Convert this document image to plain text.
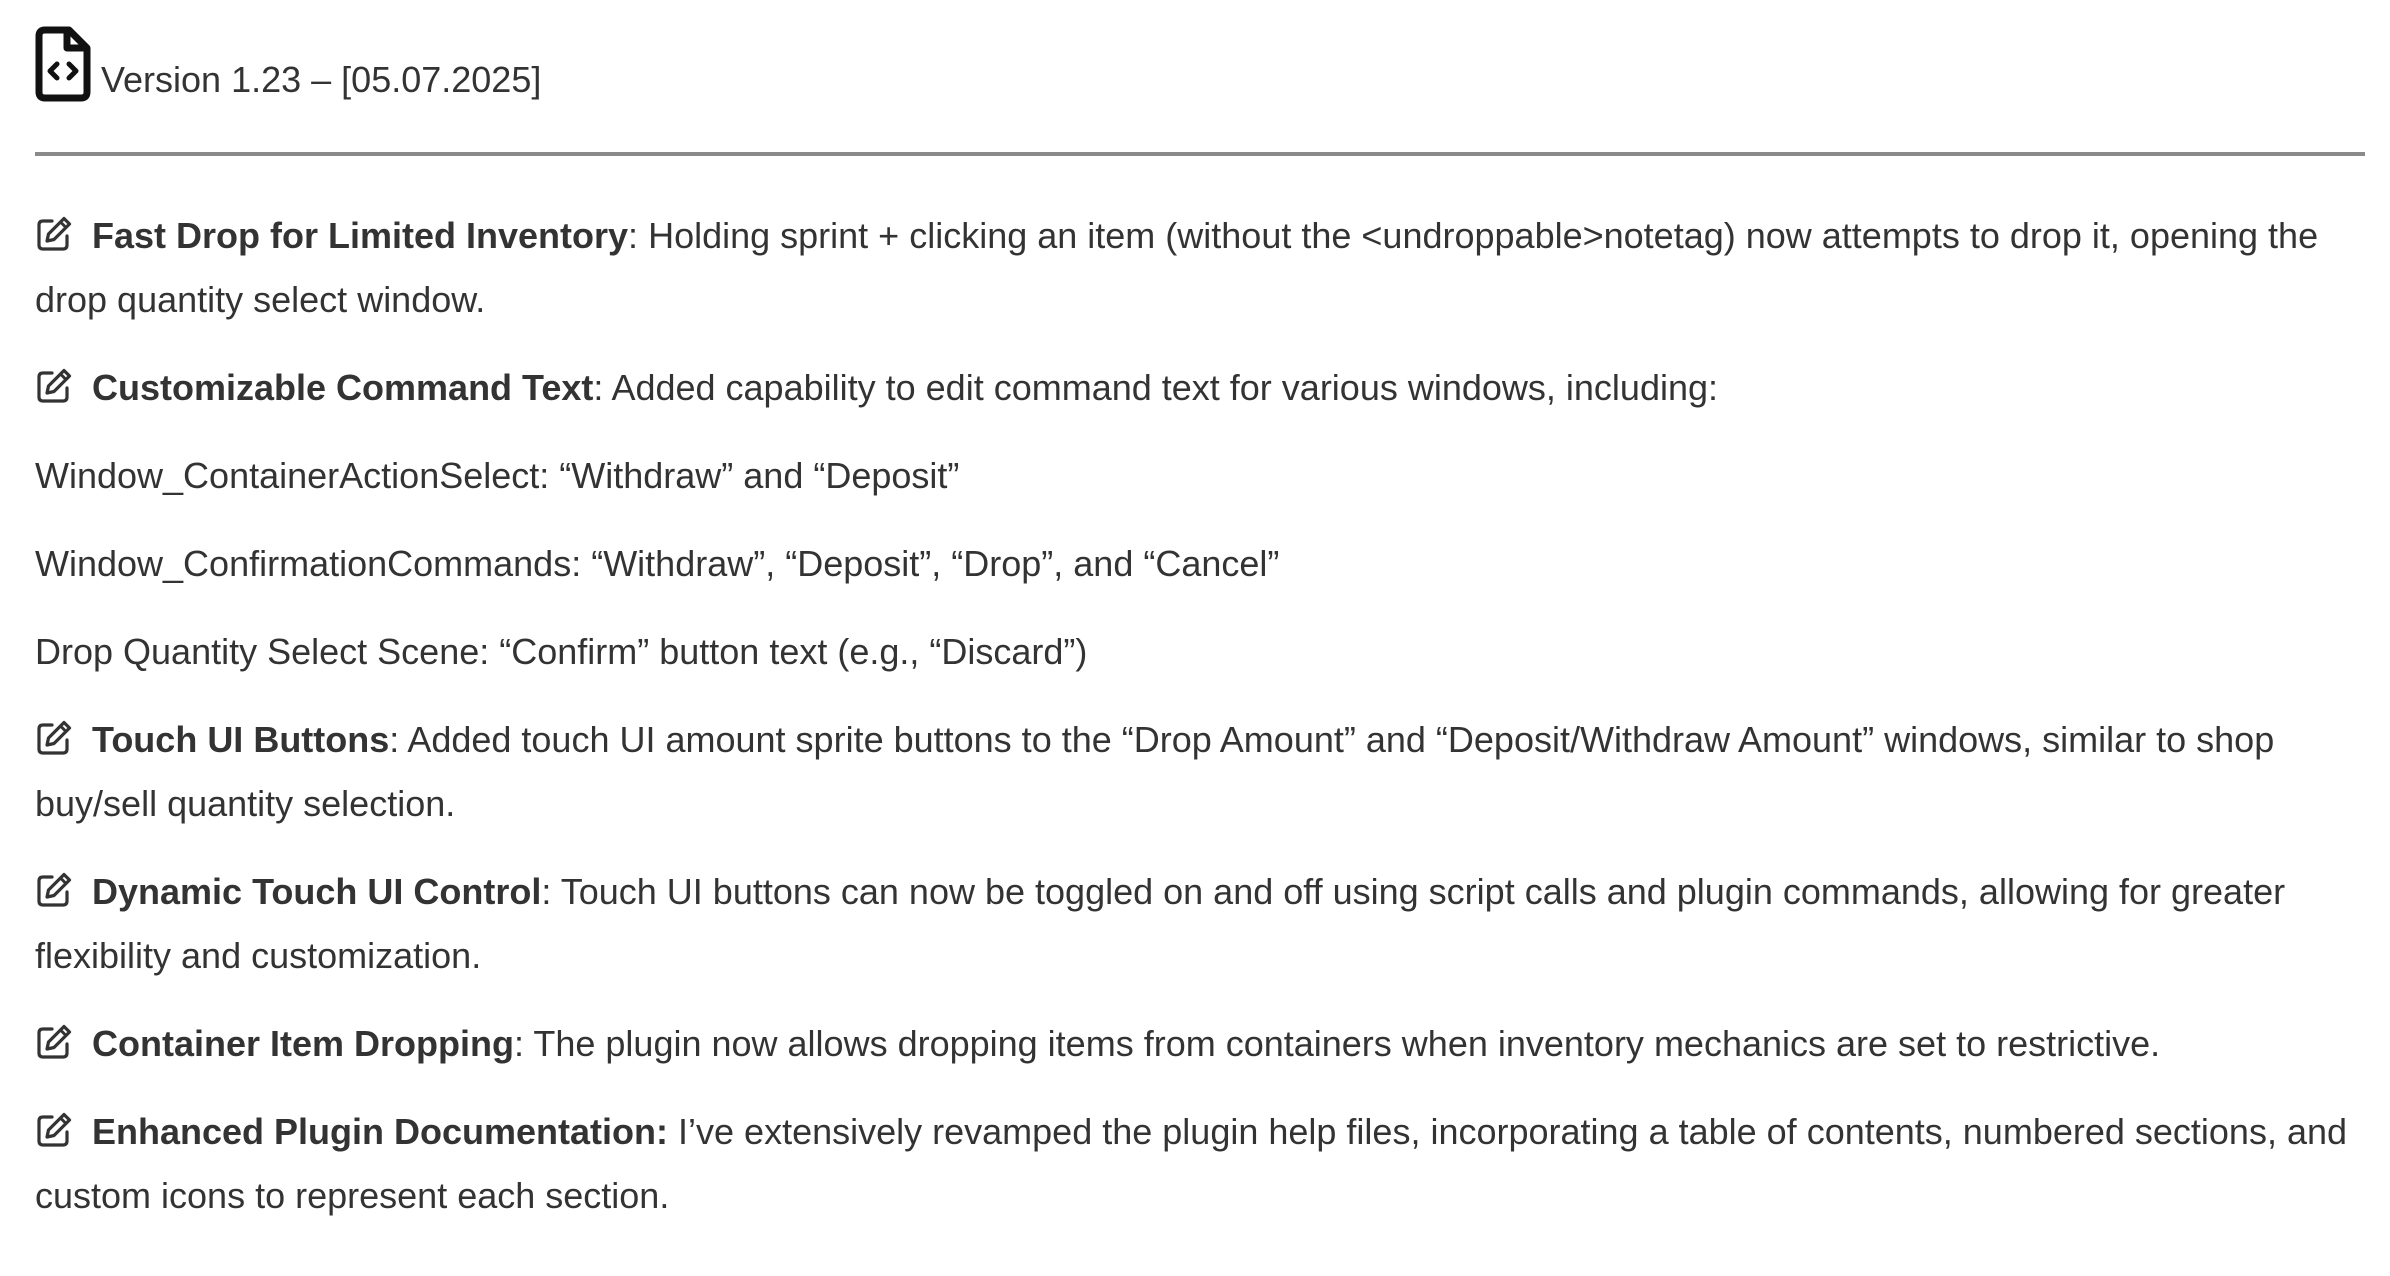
Version 1.23 – [05.07.2025]

Fast Drop for Limited Inventory: Holding sprint + clicking an item (without the <undroppable>notetag) now attempts to drop it, opening the drop quantity select window.

Customizable Command Text: Added capability to edit command text for various windows, including:

Window_ContainerActionSelect: “Withdraw” and “Deposit”

Window_ConfirmationCommands: “Withdraw”, “Deposit”, “Drop”, and “Cancel”

Drop Quantity Select Scene: “Confirm” button text (e.g., “Discard”)

Touch UI Buttons: Added touch UI amount sprite buttons to the “Drop Amount” and “Deposit/Withdraw Amount” windows, similar to shop buy/sell quantity selection.

Dynamic Touch UI Control: Touch UI buttons can now be toggled on and off using script calls and plugin commands, allowing for greater flexibility and customization.

Container Item Dropping: The plugin now allows dropping items from containers when inventory mechanics are set to restrictive.

Enhanced Plugin Documentation: I’ve extensively revamped the plugin help files, incorporating a table of contents, numbered sections, and custom icons to represent each section.
